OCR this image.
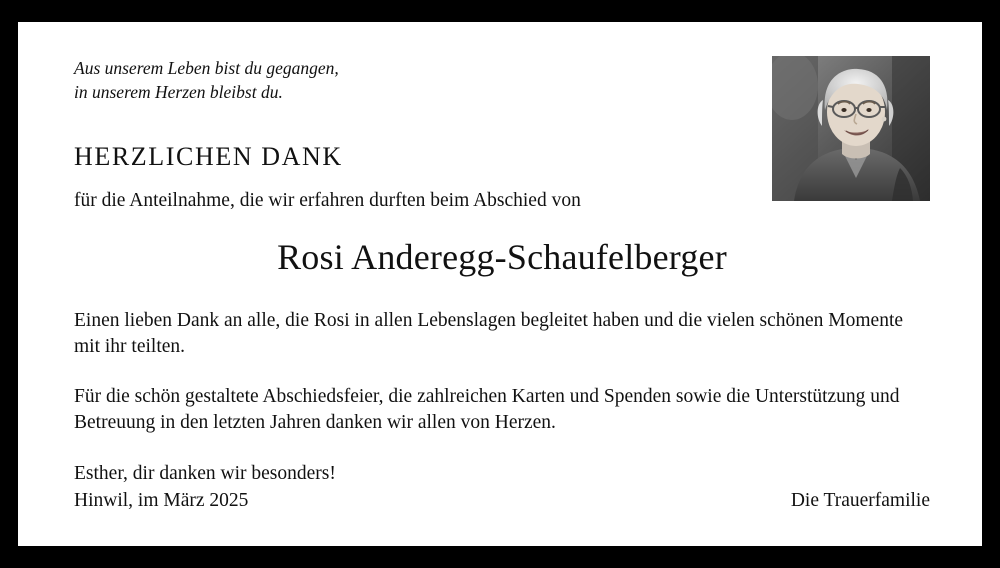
Aus unserem Leben bist du gegangen,
in unserem Herzen bleibst du.
HERZLICHEN DANK
für die Anteilnahme, die wir erfahren durften beim Abschied von
Rosi Anderegg-Schaufelberger
Einen lieben Dank an alle, die Rosi in allen Lebenslagen begleitet haben und die vielen schönen Momente mit ihr teilten.
Für die schön gestaltete Abschiedsfeier, die zahlreichen Karten und Spenden sowie die Unterstützung und Betreuung in den letzten Jahren danken wir allen von Herzen.
Esther, dir danken wir besonders!
Hinwil, im März 2025	Die Trauerfamilie
